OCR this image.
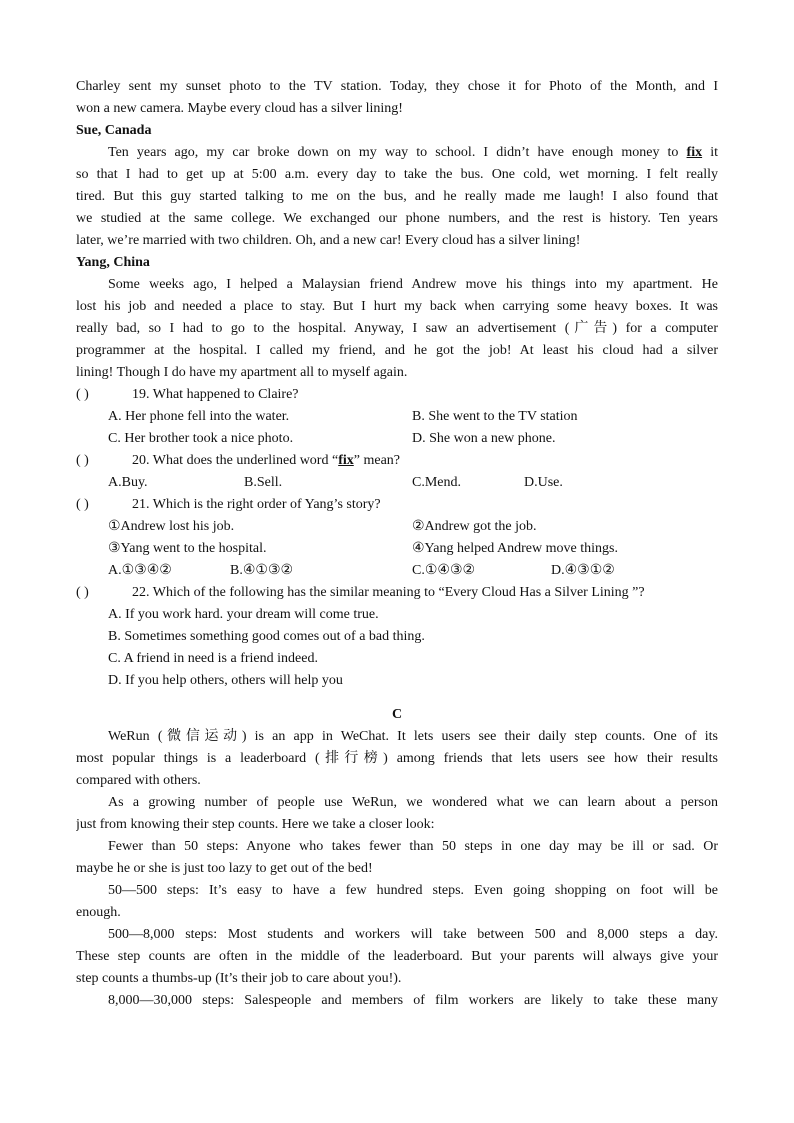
Charley sent my sunset photo to the TV station. Today, they chose it for Photo of the Month, and I
won a new camera. Maybe every cloud has a silver lining!
Sue, Canada
Ten years ago, my car broke down on my way to school. I didn’t have enough money to fix it
so that I had to get up at 5:00 a.m. every day to take the bus. One cold, wet morning. I felt really
tired. But this guy started talking to me on the bus, and he really made me laugh! I also found that
we studied at the same college. We exchanged our phone numbers, and the rest is history. Ten years
later, we’re married with two children. Oh, and a new car! Every cloud has a silver lining!
Yang, China
Some weeks ago, I helped a Malaysian friend Andrew move his things into my apartment. He
lost his job and needed a place to stay. But I hurt my back when carrying some heavy boxes. It was
really bad, so I had to go to the hospital. Anyway, I saw an advertisement (广告) for a computer
programmer at the hospital. I called my friend, and he got the job! At least his cloud had a silver
lining! Though I do have my apartment all to myself again.
( )	19. What happened to Claire?
A. Her phone fell into the water.	B. She went to the TV station
C. Her brother took a nice photo.	D. She won a new phone.
( )	20. What does the underlined word “fix” mean?
A.Buy.	B.Sell.	C.Mend.	D.Use.
( )	21. Which is the right order of Yang’s story?
①Andrew lost his job.	②Andrew got the job.
③Yang went to the hospital.	④Yang helped Andrew move things.
A.①③④②	B.④①③②	C.①④③②	D.④③①②
( )	22. Which of the following has the similar meaning to “Every Cloud Has a Silver Lining ”?
A. If you work hard. your dream will come true.
B. Sometimes something good comes out of a bad thing.
C. A friend in need is a friend indeed.
D. If you help others, others will help you
C
WeRun (微信运动) is an app in WeChat. It lets users see their daily step counts. One of its
most popular things is a leaderboard (排行榜) among friends that lets users see how their results
compared with others.
As a growing number of people use WeRun, we wondered what we can learn about a person
just from knowing their step counts. Here we take a closer look:
Fewer than 50 steps: Anyone who takes fewer than 50 steps in one day may be ill or sad. Or
maybe he or she is just too lazy to get out of the bed!
50—500 steps: It’s easy to have a few hundred steps. Even going shopping on foot will be
enough.
500—8,000 steps: Most students and workers will take between 500 and 8,000 steps a day.
These step counts are often in the middle of the leaderboard. But your parents will always give your
step counts a thumbs-up (It’s their job to care about you!).
8,000—30,000 steps: Salespeople and members of film workers are likely to take these many
